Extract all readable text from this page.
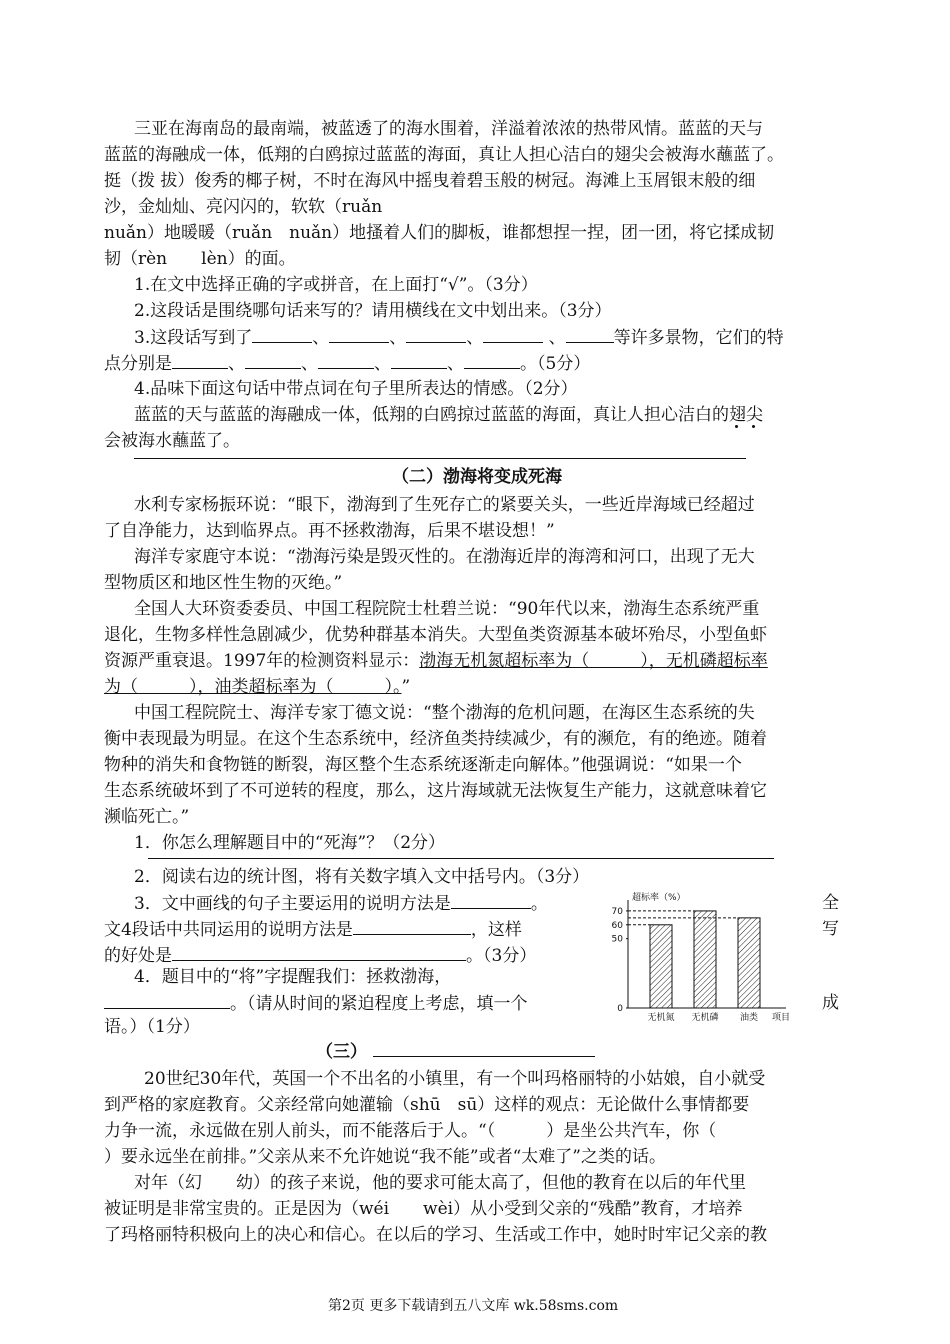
三亚在海南岛的最南端，被蓝透了的海水围着，洋溢着浓浓的热带风情。蓝蓝的天与
蓝蓝的海融成一体，低翔的白鸥掠过蓝蓝的海面，真让人担心洁白的翅尖会被海水蘸蓝了。
挺（拨 拔）俊秀的椰子树，不时在海风中摇曳着碧玉般的树冠。海滩上玉屑银末般的细
沙，金灿灿、亮闪闪的，软软（ruǎn
nuǎn）地暖暖（ruǎn　nuǎn）地搔着人们的脚板，谁都想捏一捏，团一团，将它揉成韧
韧（rèn　　lèn）的面。
1.在文中选择正确的字或拼音，在上面打“√”。（3分）
2.这段话是围绕哪句话来写的？请用横线在文中划出来。（3分）
3.这段话写到了	、	、	、	、	等许多景物，它们的特
点分别是	、	、	、	、	。（5分）
4.品味下面这句话中带点词在句子里所表达的情感。（2分）
蓝蓝的天与蓝蓝的海融成一体，低翔的白鸥掠过蓝蓝的海面，真让人担心洁白的翅尖
会被海水蘸蓝了。
（二）渤海将变成死海
水利专家杨振环说：“眼下，渤海到了生死存亡的紧要关头，一些近岸海域已经超过
了自净能力，达到临界点。再不拯救渤海，后果不堪设想！”
海洋专家鹿守本说：“渤海污染是毁灭性的。在渤海近岸的海湾和河口，出现了无大
型物质区和地区性生物的灭绝。”
全国人大环资委委员、中国工程院院士杜碧兰说：“90年代以来，渤海生态系统严重
退化，生物多样性急剧减少，优势种群基本消失。大型鱼类资源基本破坏殆尽，小型鱼虾
资源严重衰退。1997年的检测资料显示：渤海无机氮超标率为（　　　），无机磷超标率
为（　　　），油类超标率为（　　　）。”
中国工程院院士、海洋专家丁德文说：“整个渤海的危机问题，在海区生态系统的失
衡中表现最为明显。在这个生态系统中，经济鱼类持续减少，有的濒危，有的绝迹。随着
物种的消失和食物链的断裂，海区整个生态系统逐渐走向解体。”他强调说：“如果一个
生态系统破坏到了不可逆转的程度，那么，这片海域就无法恢复生产能力，这就意味着它
濒临死亡。”
1．你怎么理解题目中的“死海”？（2分）
2．阅读右边的统计图，将有关数字填入文中括号内。（3分）
3．文中画线的句子主要运用的说明方法是	。	全
文4段话中共同运用的说明方法是	，这样	写
的好处是	。（3分）
4．题目中的“将”字提醒我们：拯救渤海，
。（请从时间的紧迫程度上考虑，填一个	成
语。）（1分）
超标率（%）
0
50
60
70
无机氮 无机磷 油类 项目
（三）
20世纪30年代，英国一个不出名的小镇里，有一个叫玛格丽特的小姑娘，自小就受
到严格的家庭教育。父亲经常向她灌输（shū　sū）这样的观点：无论做什么事情都要
力争一流，永远做在别人前头，而不能落后于人。“（　　　）是坐公共汽车，你（
）要永远坐在前排。”父亲从来不允许她说“我不能”或者“太难了”之类的话。
对年（幻　　幼）的孩子来说，他的要求可能太高了，但他的教育在以后的年代里
被证明是非常宝贵的。正是因为（wéi　　wèi）从小受到父亲的“残酷”教育，才培养
了玛格丽特积极向上的决心和信心。在以后的学习、生活或工作中，她时时牢记父亲的教
第2页 更多下载请到五八文库 wk.58sms.com
